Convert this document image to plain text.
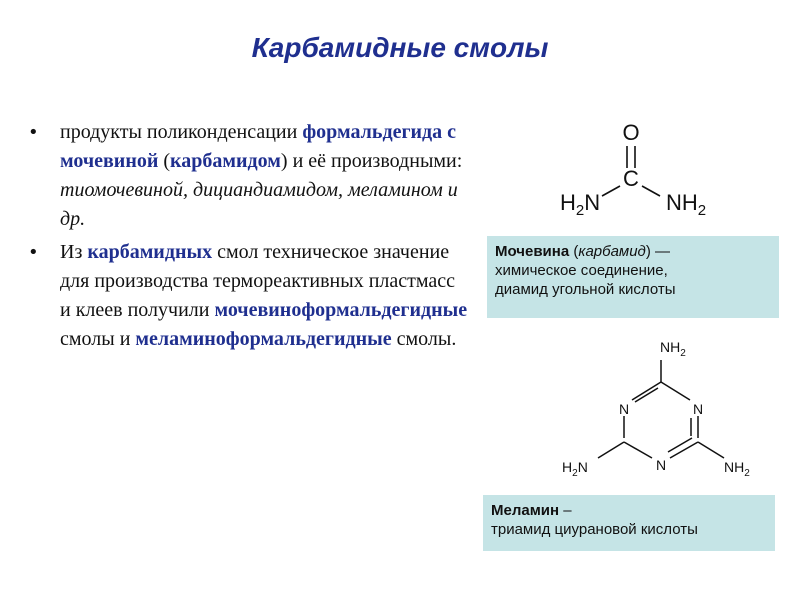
Карбамидные смолы
• продукты поликонденсации формальдегида с мочевиной (карбамидом) и её производными: тиомочевиной, дициандиамидом, меламином и др.
• Из карбамидных смол техническое значение для производства термореактивных пластмасс и клеев получили мочевиноформальдегидные смолы и меламиноформальдегидные смолы.
O
C
$H_2N$	$NH_2$
Мочевина (карбамид) —
химическое соединение,
диамид угольной кислоты
$NH_2$
N	N
N
$H_2N$	$NH_2$
Меламин –
триамид циурановой кислоты
